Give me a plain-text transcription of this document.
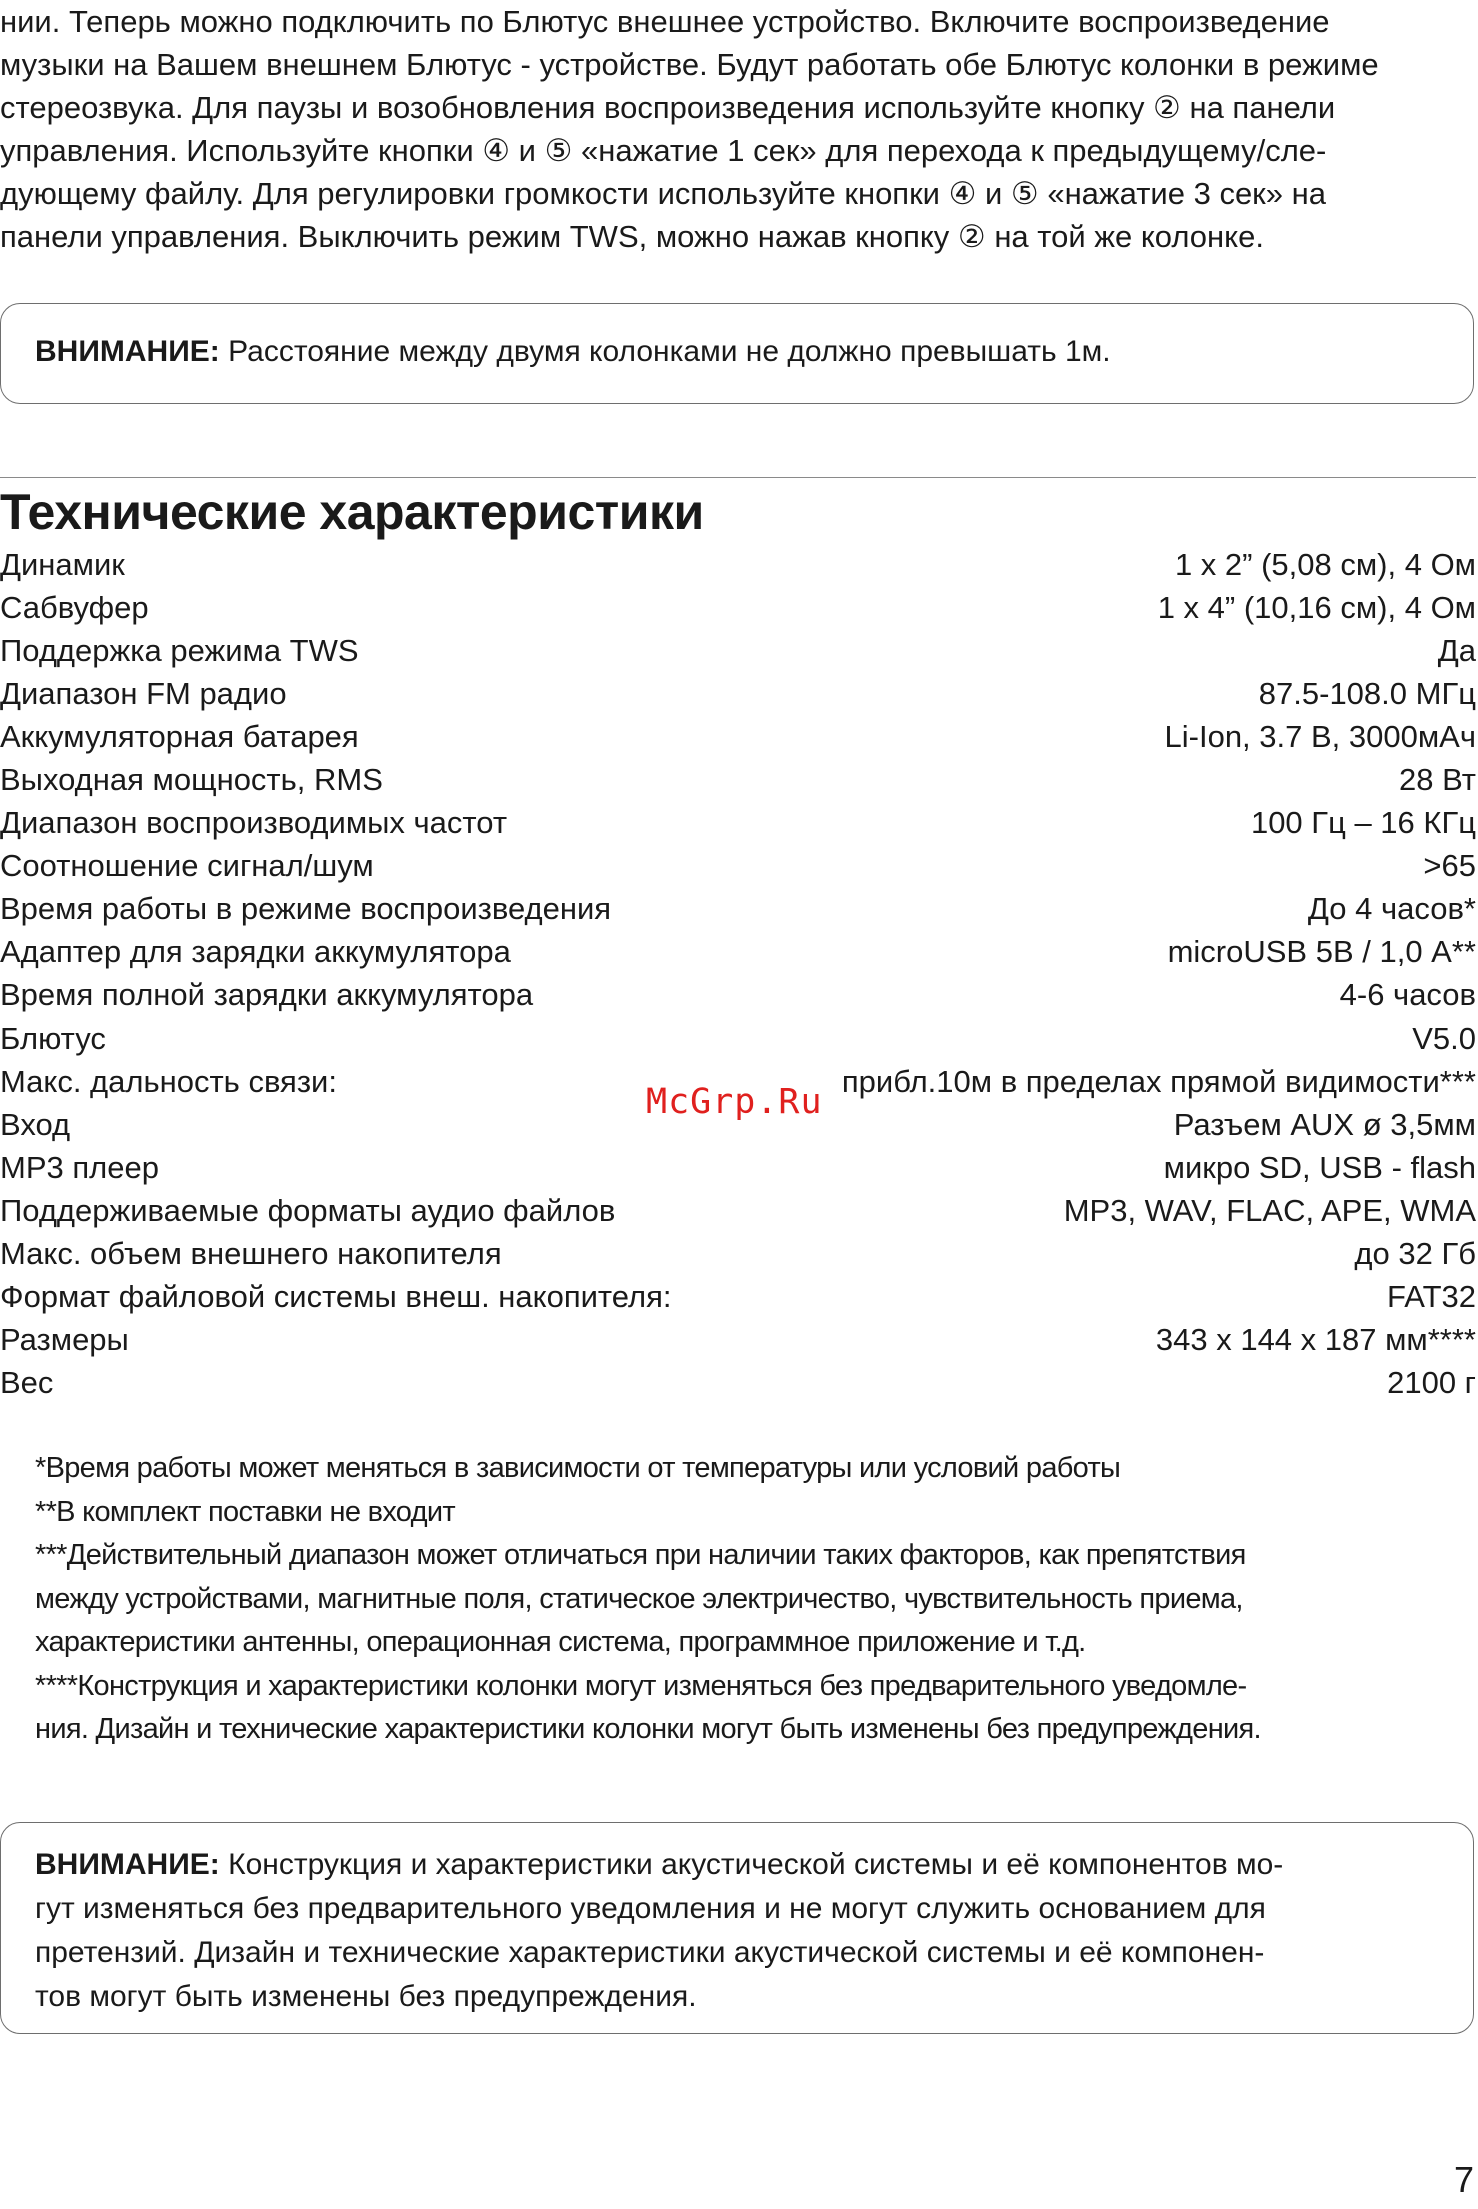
нии. Теперь можно подключить по Блютус внешнее устройство. Включите воспроизведение
музыки на Вашем внешнем Блютус - устройстве. Будут работать обе Блютус колонки в режиме
стереозвука. Для паузы и возобновления воспроизведения используйте кнопку ② на панели
управления. Используйте кнопки ④ и ⑤ «нажатие 1 сек» для перехода к предыдущему/сле-
дующему файлу. Для регулировки громкости используйте кнопки ④ и ⑤ «нажатие 3 сек» на
панели управления. Выключить режим TWS, можно нажав кнопку ② на той же колонке.
ВНИМАНИЕ: Расстояние между двумя колонками не должно превышать 1м.
Технические характеристики
Динамик	1 x 2” (5,08 см), 4 Ом
Сабвуфер	1 x 4” (10,16 см), 4 Ом
Поддержка режима TWS	Да
Диапазон FM радио	87.5-108.0 МГц
Аккумуляторная батарея	Li-Ion, 3.7 В, 3000мАч
Выходная мощность, RMS	28 Вт
Диапазон воспроизводимых частот	100 Гц – 16 КГц
Соотношение сигнал/шум	>65
Время работы в режиме воспроизведения	До 4 часов*
Адаптер для зарядки аккумулятора	microUSB 5В / 1,0 А**
Время полной зарядки аккумулятора	4-6 часов
Блютус	V5.0
Макс. дальность связи:	прибл.10м в пределах прямой видимости***
Вход	Разъем AUX ø 3,5мм
МР3 плеер	микро SD, USB - flash
Поддерживаемые форматы аудио файлов	MP3, WAV, FLAC, APE, WMA
Макс. объем внешнего накопителя	до 32 Гб
Формат файловой системы внеш. накопителя:	FAT32
Размеры	343 x 144 x 187 мм****
Вес	2100 г
McGrp.Ru
*Время работы может меняться в зависимости от температуры или условий работы
**В комплект поставки не входит
***Действительный диапазон может отличаться при наличии таких факторов, как препятствия
между устройствами, магнитные поля, статическое электричество, чувствительность приема,
характеристики антенны, операционная система, программное приложение и т.д.
****Конструкция и характеристики колонки могут изменяться без предварительного уведомле-
ния. Дизайн и технические характеристики колонки могут быть изменены без предупреждения.
ВНИМАНИЕ: Конструкция и характеристики акустической системы и её компонентов мо-
гут изменяться без предварительного уведомления и не могут служить основанием для
претензий. Дизайн и технические характеристики акустической системы и её компонен-
тов могут быть изменены без предупреждения.
7
